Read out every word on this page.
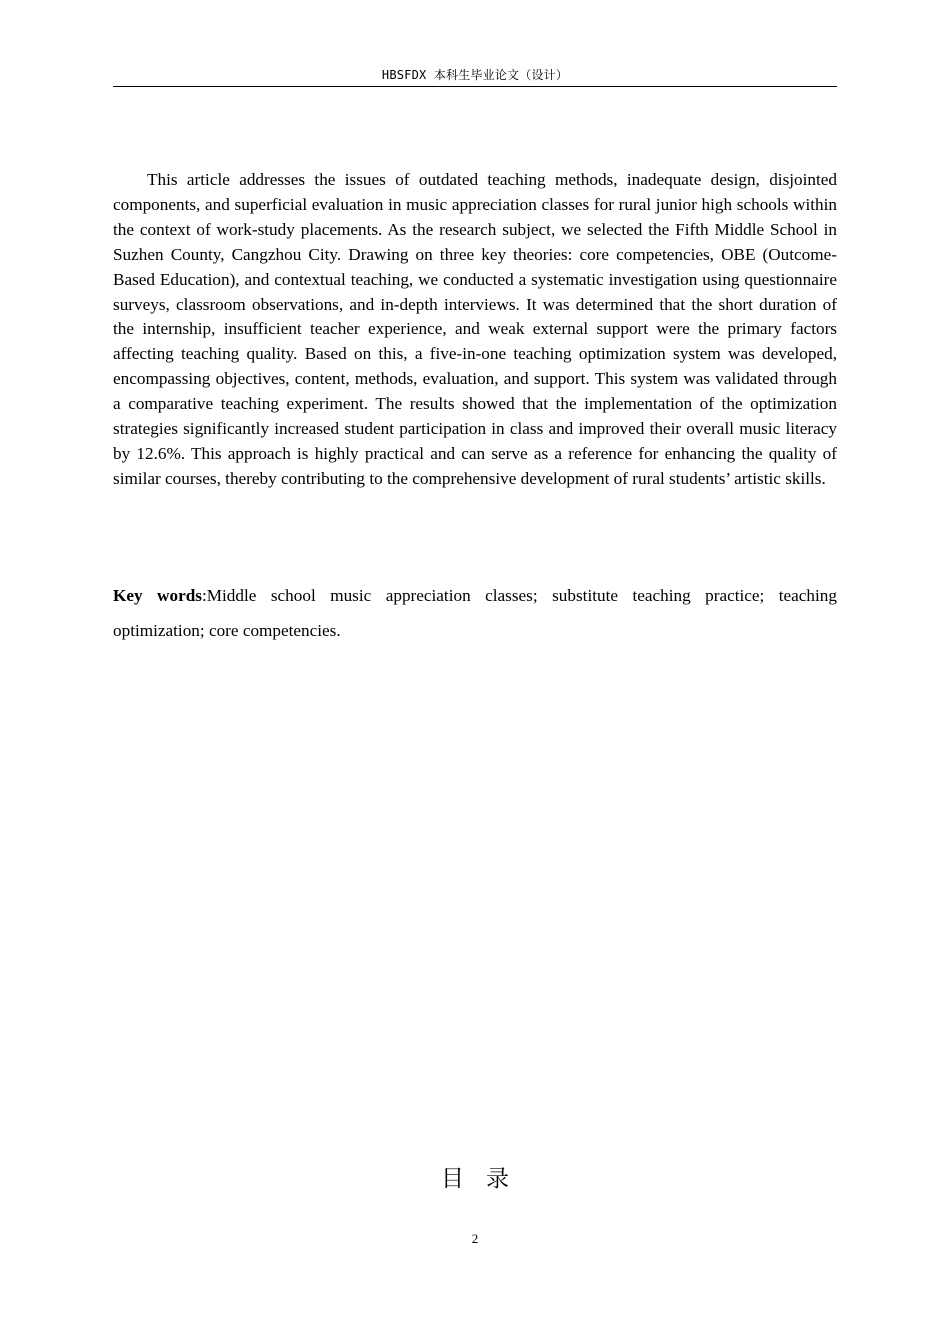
HBSFDX 本科生毕业论文（设计）

This article addresses the issues of outdated teaching methods, inadequate design, disjointed components, and superficial evaluation in music appreciation classes for rural junior high schools within the context of work-study placements. As the research subject, we selected the Fifth Middle School in Suzhen County, Cangzhou City. Drawing on three key theories: core competencies, OBE (Outcome-Based Education), and contextual teaching, we conducted a systematic investigation using questionnaire surveys, classroom observations, and in-depth interviews. It was determined that the short duration of the internship, insufficient teacher experience, and weak external support were the primary factors affecting teaching quality. Based on this, a five-in-one teaching optimization system was developed, encompassing objectives, content, methods, evaluation, and support. This system was validated through a comparative teaching experiment. The results showed that the implementation of the optimization strategies significantly increased student participation in class and improved their overall music literacy by 12.6%. This approach is highly practical and can serve as a reference for enhancing the quality of similar courses, thereby contributing to the comprehensive development of rural students’ artistic skills.

Key words:Middle school music appreciation classes; substitute teaching practice; teaching optimization; core competencies.

目录
2
